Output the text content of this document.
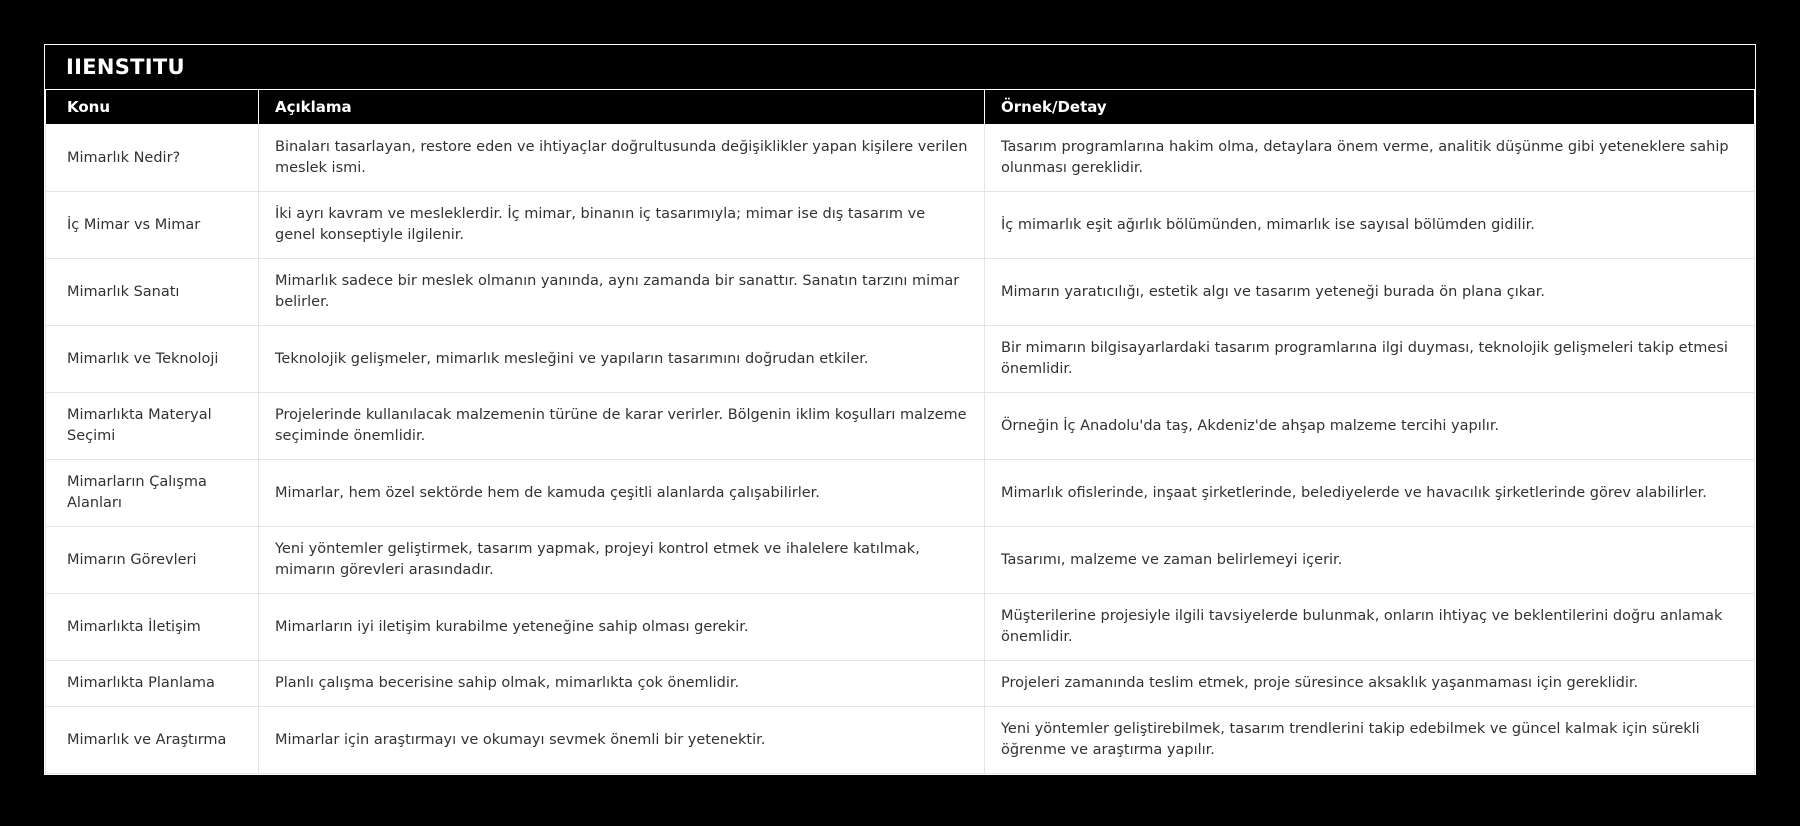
IIENSTITU
Konu	Açıklama	Örnek/Detay
Mimarlık Nedir?	Binaları tasarlayan, restore eden ve ihtiyaçlar doğrultusunda değişiklikler yapan kişilere verilen meslek ismi.	Tasarım programlarına hakim olma, detaylara önem verme, analitik düşünme gibi yeteneklere sahip olunması gereklidir.
İç Mimar vs Mimar	İki ayrı kavram ve mesleklerdir. İç mimar, binanın iç tasarımıyla; mimar ise dış tasarım ve genel konseptiyle ilgilenir.	İç mimarlık eşit ağırlık bölümünden, mimarlık ise sayısal bölümden gidilir.
Mimarlık Sanatı	Mimarlık sadece bir meslek olmanın yanında, aynı zamanda bir sanattır. Sanatın tarzını mimar belirler.	Mimarın yaratıcılığı, estetik algı ve tasarım yeteneği burada ön plana çıkar.
Mimarlık ve Teknoloji	Teknolojik gelişmeler, mimarlık mesleğini ve yapıların tasarımını doğrudan etkiler.	Bir mimarın bilgisayarlardaki tasarım programlarına ilgi duyması, teknolojik gelişmeleri takip etmesi önemlidir.
Mimarlıkta Materyal Seçimi	Projelerinde kullanılacak malzemenin türüne de karar verirler. Bölgenin iklim koşulları malzeme seçiminde önemlidir.	Örneğin İç Anadolu'da taş, Akdeniz'de ahşap malzeme tercihi yapılır.
Mimarların Çalışma Alanları	Mimarlar, hem özel sektörde hem de kamuda çeşitli alanlarda çalışabilirler.	Mimarlık ofislerinde, inşaat şirketlerinde, belediyelerde ve havacılık şirketlerinde görev alabilirler.
Mimarın Görevleri	Yeni yöntemler geliştirmek, tasarım yapmak, projeyi kontrol etmek ve ihalelere katılmak, mimarın görevleri arasındadır.	Tasarımı, malzeme ve zaman belirlemeyi içerir.
Mimarlıkta İletişim	Mimarların iyi iletişim kurabilme yeteneğine sahip olması gerekir.	Müşterilerine projesiyle ilgili tavsiyelerde bulunmak, onların ihtiyaç ve beklentilerini doğru anlamak önemlidir.
Mimarlıkta Planlama	Planlı çalışma becerisine sahip olmak, mimarlıkta çok önemlidir.	Projeleri zamanında teslim etmek, proje süresince aksaklık yaşanmaması için gereklidir.
Mimarlık ve Araştırma	Mimarlar için araştırmayı ve okumayı sevmek önemli bir yetenektir.	Yeni yöntemler geliştirebilmek, tasarım trendlerini takip edebilmek ve güncel kalmak için sürekli öğrenme ve araştırma yapılır.
